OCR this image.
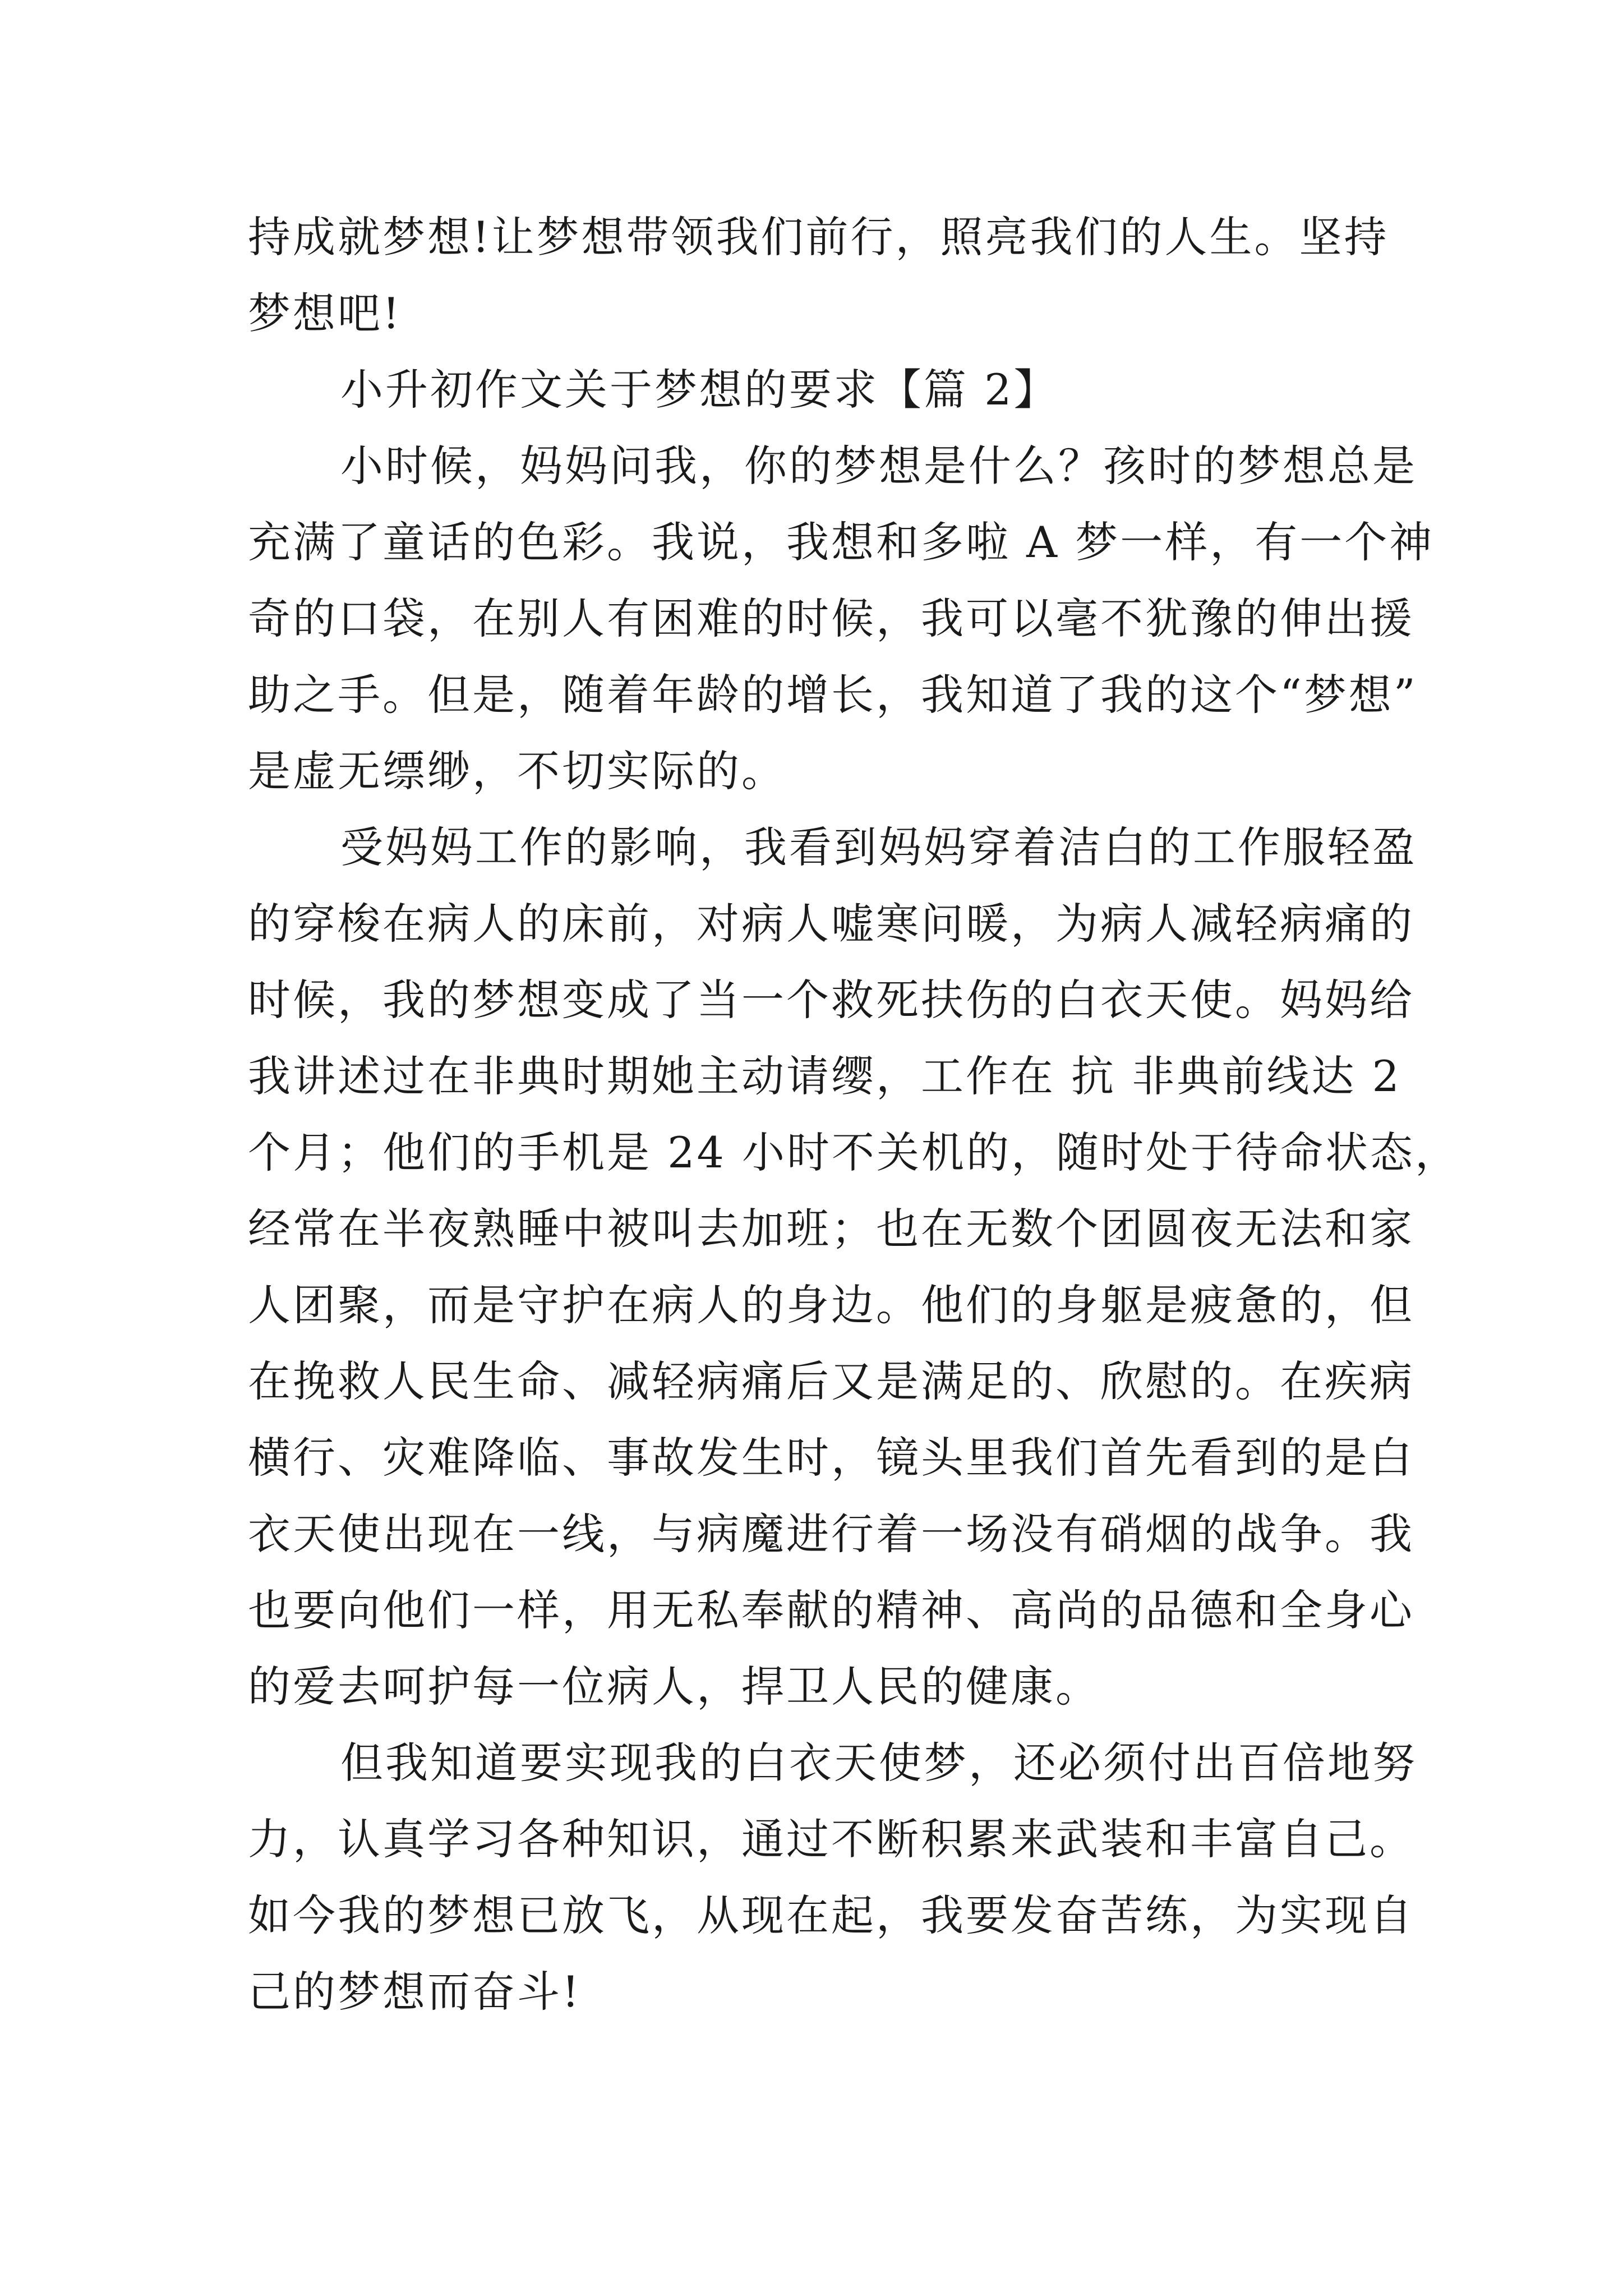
持成就梦想!让梦想带领我们前行，照亮我们的人生。坚持
梦想吧!
小升初作文关于梦想的要求【篇 2】
小时候，妈妈问我，你的梦想是什么？孩时的梦想总是
充满了童话的色彩。我说，我想和多啦 A 梦一样，有一个神
奇的口袋，在别人有困难的时候，我可以毫不犹豫的伸出援
助之手。但是，随着年龄的增长，我知道了我的这个“梦想”
是虚无缥缈，不切实际的。
受妈妈工作的影响，我看到妈妈穿着洁白的工作服轻盈
的穿梭在病人的床前，对病人嘘寒问暖，为病人减轻病痛的
时候，我的梦想变成了当一个救死扶伤的白衣天使。妈妈给
我讲述过在非典时期她主动请缨，工作在 抗 非典前线达 2
个月；他们的手机是 24 小时不关机的，随时处于待命状态，
经常在半夜熟睡中被叫去加班；也在无数个团圆夜无法和家
人团聚，而是守护在病人的身边。他们的身躯是疲惫的，但
在挽救人民生命、减轻病痛后又是满足的、欣慰的。在疾病
横行、灾难降临、事故发生时，镜头里我们首先看到的是白
衣天使出现在一线，与病魔进行着一场没有硝烟的战争。我
也要向他们一样，用无私奉献的精神、高尚的品德和全身心
的爱去呵护每一位病人，捍卫人民的健康。
但我知道要实现我的白衣天使梦，还必须付出百倍地努
力，认真学习各种知识，通过不断积累来武装和丰富自己。
如今我的梦想已放飞，从现在起，我要发奋苦练，为实现自
己的梦想而奋斗!
